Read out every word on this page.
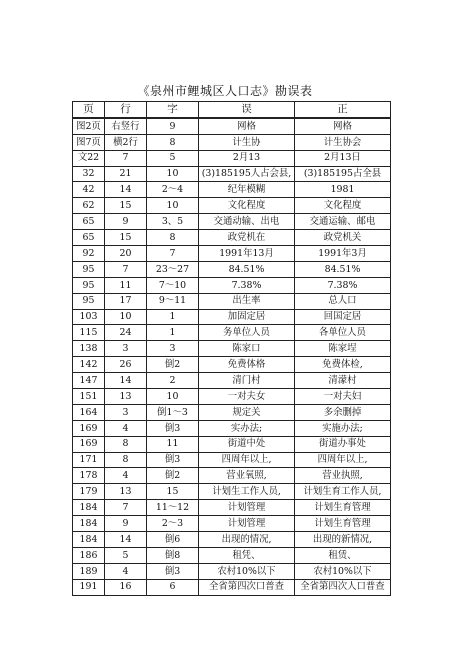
《泉州市鲤城区人口志》勘误表
页	行	字	误	正
图2页	右竖行	9	网格	网格
图7页	横2行	8	计生协	计生协会
文22	7	5	2月13	2月13日
32	21	10	(3)185195人占会县,	(3)185195占全县
42	14	2～4	纪年模糊	1981
62	15	10	文化程度	文化程度
65	9	3、5	交通动输、出电	交通运输、邮电
65	15	8	政党机在	政党机关
92	20	7	1991年13月	1991年3月
95	7	23～27	84.51%	84.51%
95	11	7～10	7.38%	7.38%
95	17	9～11	出生率	总人口
103	10	1	加固定居	回国定居
115	24	1	务单位人员	各单位人员
138	3	3	陈家口	陈家埕
142	26	倒2	免费体格	免费体检,
147	14	2	清门村	清濛村
151	13	10	一对夫女	一对夫妇
164	3	倒1～3	规定关	多余删掉
169	4	倒3	实办法;	实施办法;
169	8	11	街道中处	街道办事处
171	8	倒3	四周年以上,	四周年以上,
178	4	倒2	营业氧照,	营业执照,
179	13	15	计划生工作人员,	计划生育工作人员,
184	7	11～12	计划管理	计划生育管理
184	9	2～3	计划管理	计划生育管理
184	14	倒6	出现的情况,	出现的新情况,
186	5	倒8	租凭、	租赁、
189	4	倒3	农村10%以下	农村10%以下
191	16	6	全省第四次口普查	全省第四次人口普查
